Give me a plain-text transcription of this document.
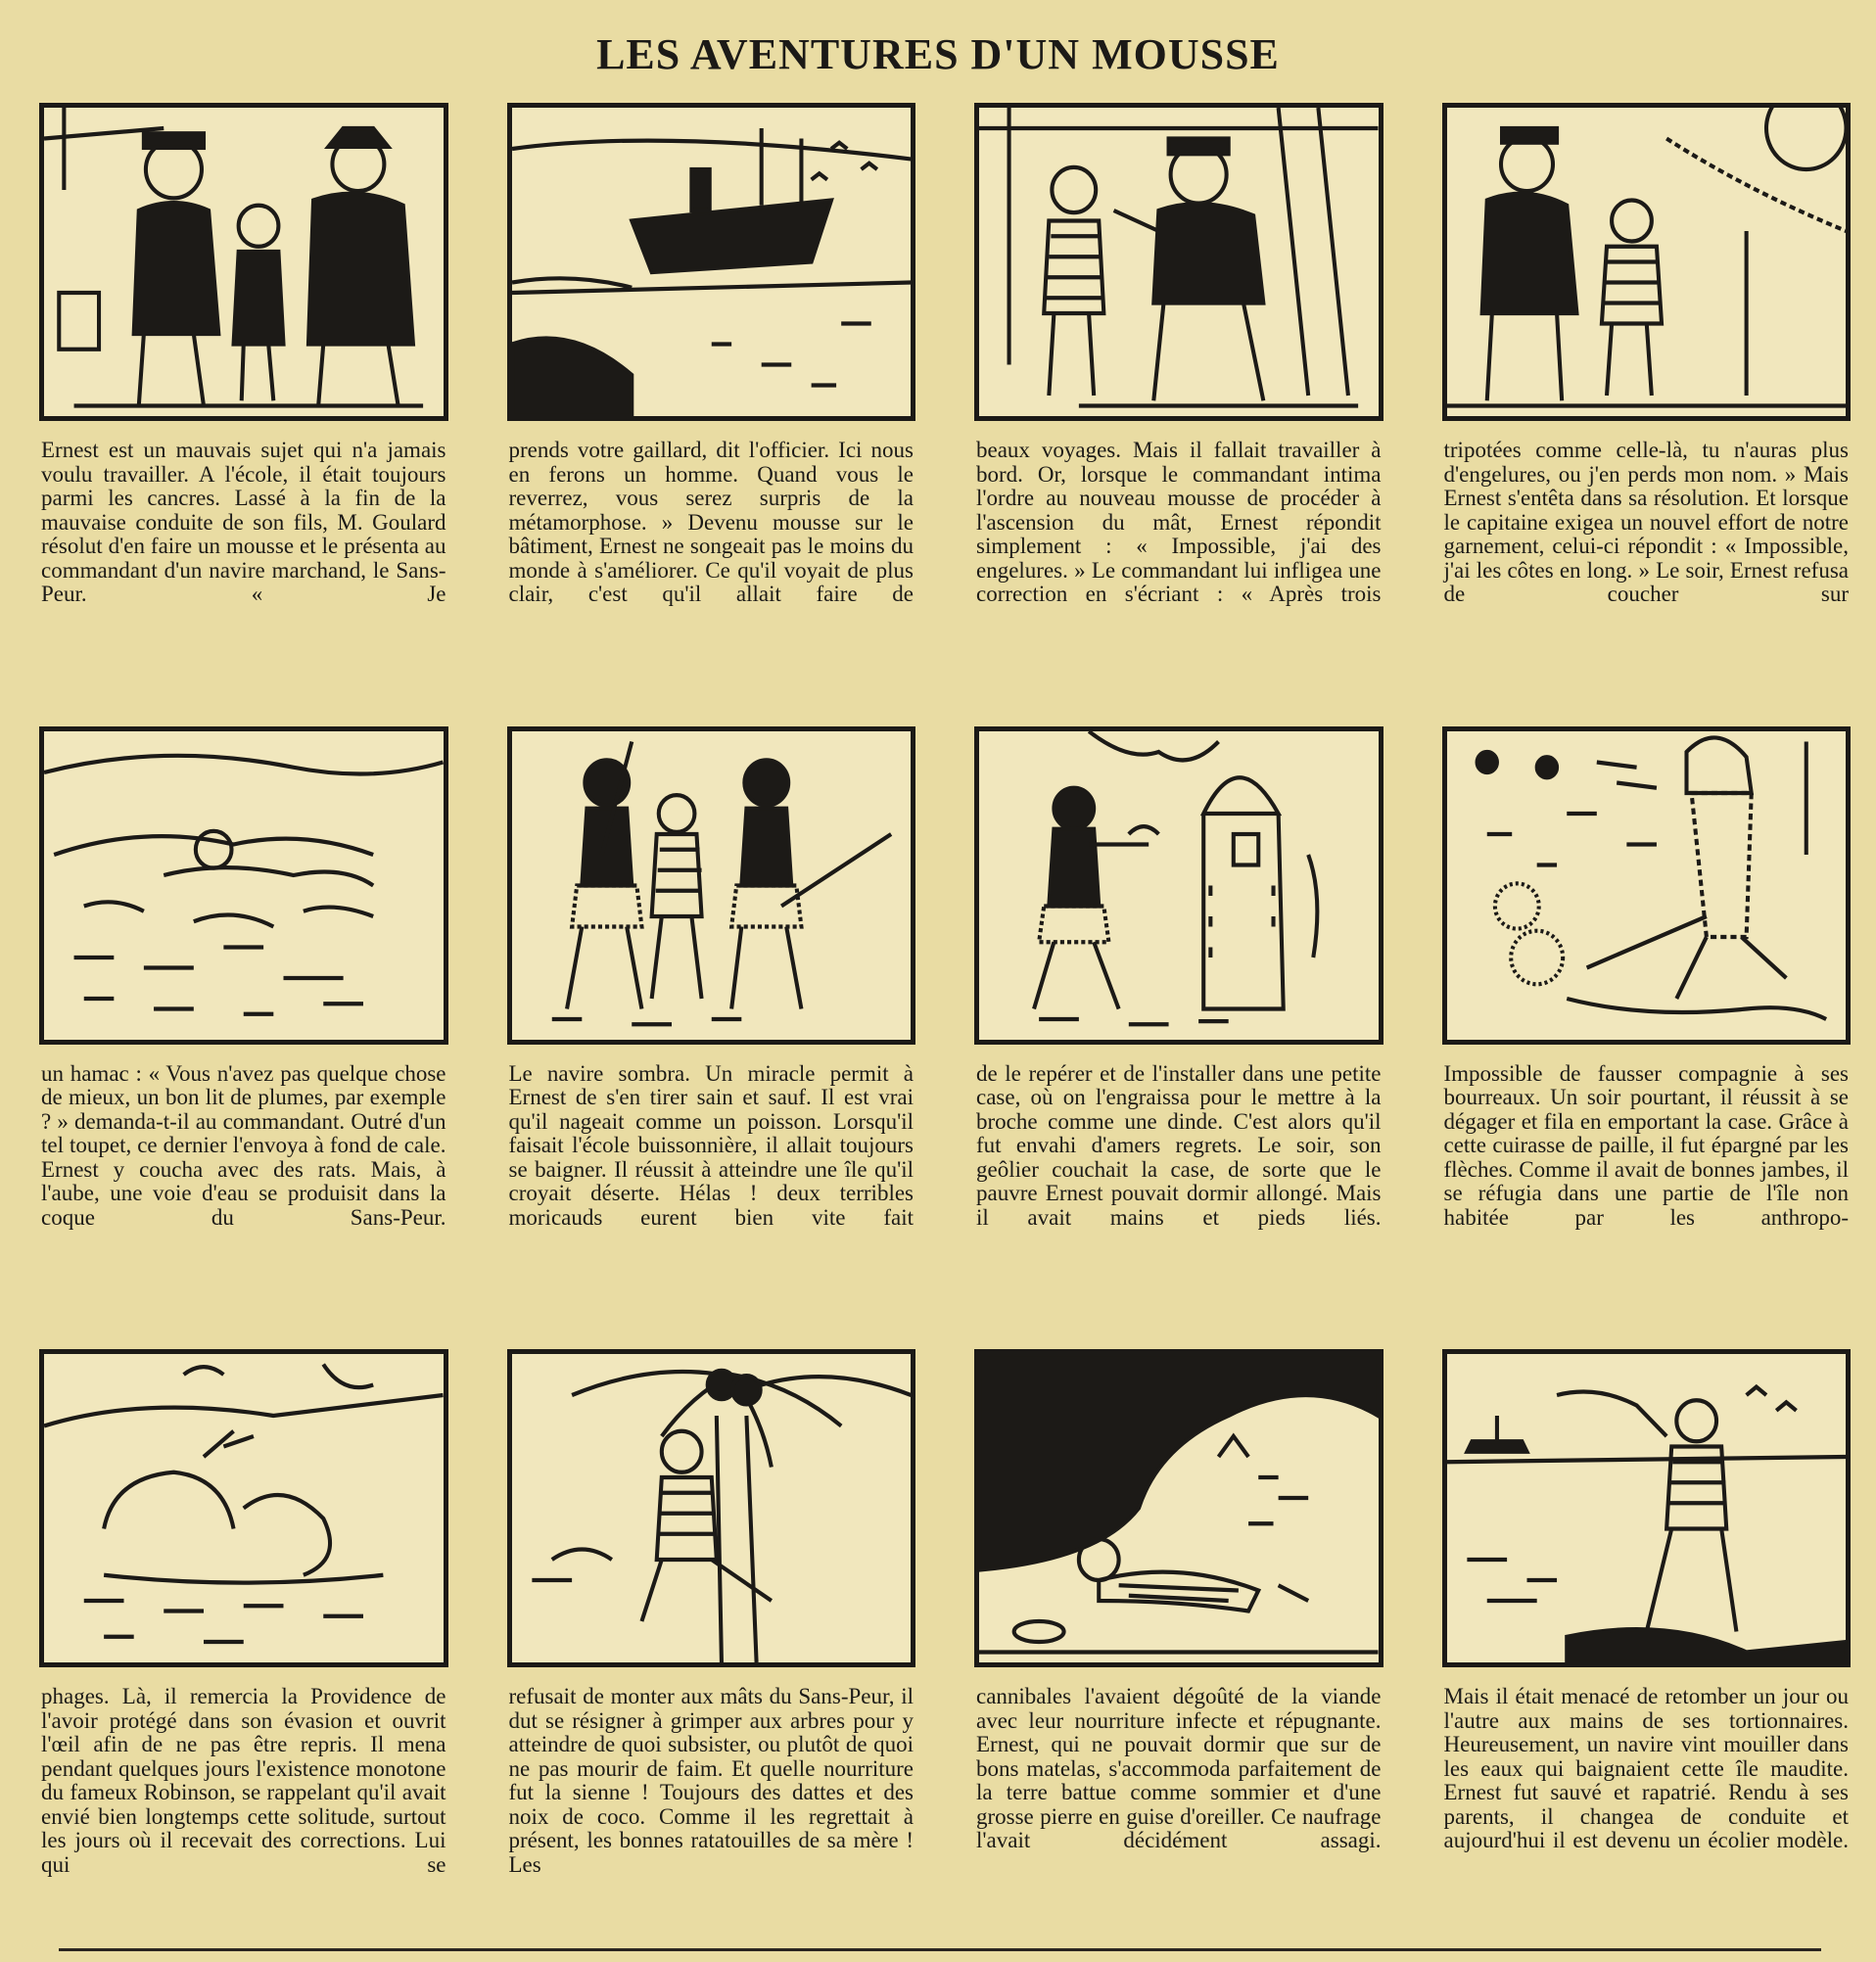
LES AVENTURES D'UN MOUSSE
Ernest est un mauvais sujet qui n'a jamais voulu travailler. A l'école, il était toujours parmi les cancres. Lassé à la fin de la mauvaise conduite de son fils, M. Goulard résolut d'en faire un mousse et le présenta au commandant d'un navire marchand, le Sans-Peur. « Je
prends votre gaillard, dit l'officier. Ici nous en ferons un homme. Quand vous le reverrez, vous serez surpris de la métamorphose. » Devenu mousse sur le bâtiment, Ernest ne songeait pas le moins du monde à s'améliorer. Ce qu'il voyait de plus clair, c'est qu'il allait faire de
beaux voyages. Mais il fallait travailler à bord. Or, lorsque le commandant intima l'ordre au nouveau mousse de procéder à l'ascension du mât, Ernest répondit simplement : « Impossible, j'ai des engelures. » Le commandant lui infligea une correction en s'écriant : « Après trois
tripotées comme celle-là, tu n'auras plus d'engelures, ou j'en perds mon nom. » Mais Ernest s'entêta dans sa résolution. Et lorsque le capitaine exigea un nouvel effort de notre garnement, celui-ci répondit : « Impossible, j'ai les côtes en long. » Le soir, Ernest refusa de coucher sur
un hamac : « Vous n'avez pas quelque chose de mieux, un bon lit de plumes, par exemple ? » demanda-t-il au commandant. Outré d'un tel toupet, ce dernier l'envoya à fond de cale. Ernest y coucha avec des rats. Mais, à l'aube, une voie d'eau se produisit dans la coque du Sans-Peur.
Le navire sombra. Un miracle permit à Ernest de s'en tirer sain et sauf. Il est vrai qu'il nageait comme un poisson. Lorsqu'il faisait l'école buissonnière, il allait toujours se baigner. Il réussit à atteindre une île qu'il croyait déserte. Hélas ! deux terribles moricauds eurent bien vite fait
de le repérer et de l'installer dans une petite case, où on l'engraissa pour le mettre à la broche comme une dinde. C'est alors qu'il fut envahi d'amers regrets. Le soir, son geôlier couchait la case, de sorte que le pauvre Ernest pouvait dormir allongé. Mais il avait mains et pieds liés.
Impossible de fausser compagnie à ses bourreaux. Un soir pourtant, il réussit à se dégager et fila en emportant la case. Grâce à cette cuirasse de paille, il fut épargné par les flèches. Comme il avait de bonnes jambes, il se réfugia dans une partie de l'île non habitée par les anthropo-
phages. Là, il remercia la Providence de l'avoir protégé dans son évasion et ouvrit l'œil afin de ne pas être repris. Il mena pendant quelques jours l'existence monotone du fameux Robinson, se rappelant qu'il avait envié bien longtemps cette solitude, surtout les jours où il recevait des corrections. Lui qui se
refusait de monter aux mâts du Sans-Peur, il dut se résigner à grimper aux arbres pour y atteindre de quoi subsister, ou plutôt de quoi ne pas mourir de faim. Et quelle nourriture fut la sienne ! Toujours des dattes et des noix de coco. Comme il les regrettait à présent, les bonnes ratatouilles de sa mère ! Les
cannibales l'avaient dégoûté de la viande avec leur nourriture infecte et répugnante. Ernest, qui ne pouvait dormir que sur de bons matelas, s'accommoda parfaitement de la terre battue comme sommier et d'une grosse pierre en guise d'oreiller. Ce naufrage l'avait décidément assagi.
Mais il était menacé de retomber un jour ou l'autre aux mains de ses tortionnaires. Heureusement, un navire vint mouiller dans les eaux qui baignaient cette île maudite. Ernest fut sauvé et rapatrié. Rendu à ses parents, il changea de conduite et aujourd'hui il est devenu un écolier modèle.
